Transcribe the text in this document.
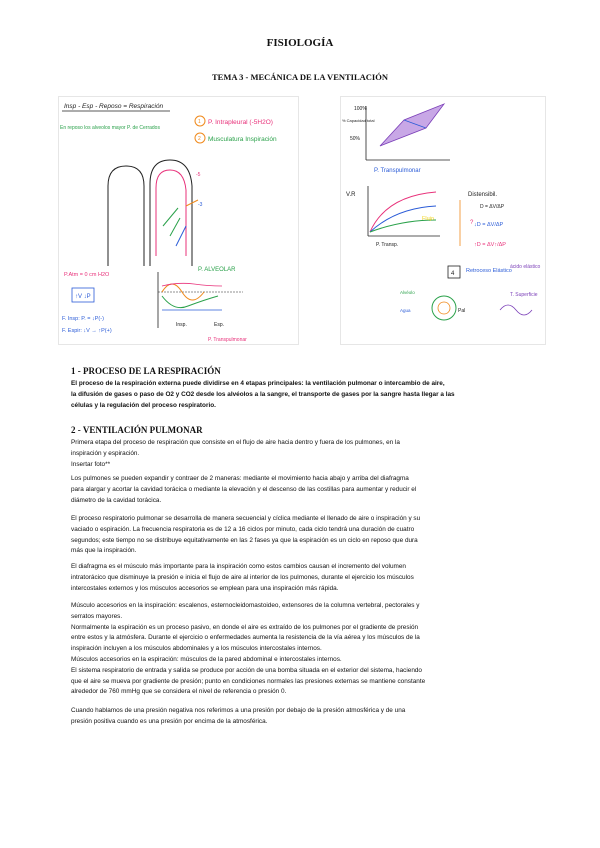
FISIOLOGÍA
TEMA 3 - MECÁNICA DE LA VENTILACIÓN
Insp - Esp - Reposo = Respiración
En reposo los alveolos mayor P. de Cerrados
1 P. Intrapleural (-5H2O)
2 Musculatura Inspiración
-5
-3
P.Atm = 0 cm H2O
↑V ↓P
F. Insp: P. = ↓P(-)
F. Espir: ↓V → ↑P(+)
P. ALVEOLAR
Insp.	Esp.
P. Transpulmonar
100%
50%
% Capacidad total
P. Transpulmonar
V.R
Flujo
P. Transp.
Distensibil.
D = ΔV/ΔP
? ↓D = ΔV/ΔP
↑D = ΔV↑/ΔP
4 Retroceso Elástico
ácido elástico
T. Superficie
Alvéolo
Agua	Pal
1 - PROCESO DE LA RESPIRACIÓN

El proceso de la respiración externa puede dividirse en 4 etapas principales: la ventilación pulmonar o intercambio de aire,
la difusión de gases o paso de O2 y CO2 desde los alvéolos a la sangre, el transporte de gases por la sangre hasta llegar a las
células y la regulación del proceso respiratorio.

2 - VENTILACIÓN PULMONAR

Primera etapa del proceso de respiración que consiste en el flujo de aire hacia dentro y fuera de los pulmones, en la
inspiración y espiración.
Insertar foto**

Los pulmones se pueden expandir y contraer de 2 maneras: mediante el movimiento hacia abajo y arriba del diafragma
para alargar y acortar la cavidad torácica o mediante la elevación y el descenso de las costillas para aumentar y reducir el
diámetro de la cavidad torácica.

El proceso respiratorio pulmonar se desarrolla de manera secuencial y cíclica mediante el llenado de aire o inspiración y su
vaciado o espiración. La frecuencia respiratoria es de 12 a 16 ciclos por minuto, cada ciclo tendrá una duración de cuatro
segundos; este tiempo no se distribuye equitativamente en las 2 fases ya que la espiración es un ciclo en reposo que dura
más que la inspiración.

El diafragma es el músculo más importante para la inspiración como estos cambios causan el incremento del volumen
intratorácico que disminuye la presión e inicia el flujo de aire al interior de los pulmones, durante el ejercicio los músculos
intercostales externos y los músculos accesorios se emplean para una inspiración más rápida.

Músculo accesorios en la inspiración: escalenos, esternocleidomastoideo, extensores de la columna vertebral, pectorales y
serratos mayores.
Normalmente la espiración es un proceso pasivo, en donde el aire es extraído de los pulmones por el gradiente de presión
entre estos y la atmósfera. Durante el ejercicio o enfermedades aumenta la resistencia de la vía aérea y los músculos de la
inspiración incluyen a los músculos abdominales y a los músculos intercostales internos.
Músculos accesorios en la espiración: músculos de la pared abdominal e intercostales internos.
El sistema respiratorio de entrada y salida se produce por acción de una bomba situada en el exterior del sistema, haciendo
que el aire se mueva por gradiente de presión; punto en condiciones normales las presiones externas se mantiene constante
alrededor de 760 mmHg que se considera el nivel de referencia o presión 0.

Cuando hablamos de una presión negativa nos referimos a una presión por debajo de la presión atmosférica y de una
presión positiva cuando es una presión por encima de la atmosférica.
